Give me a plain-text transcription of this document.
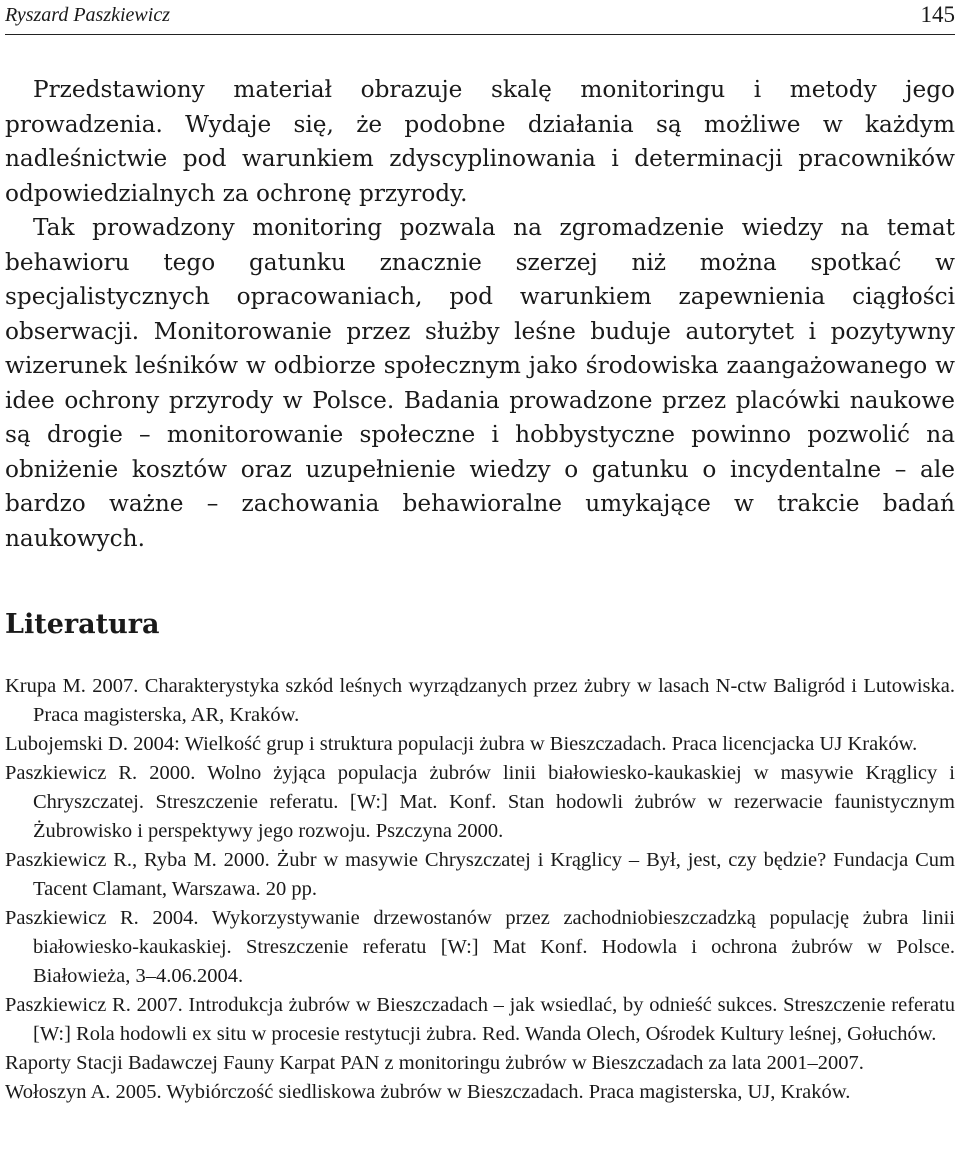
Ryszard Paszkiewicz	145

Przedstawiony materiał obrazuje skalę monitoringu i metody jego prowadzenia. Wydaje się, że podobne działania są możliwe w każdym nadleśnictwie pod warunkiem zdyscyplinowania i determinacji pracowników odpowiedzialnych za ochronę przyrody.

Tak prowadzony monitoring pozwala na zgromadzenie wiedzy na temat behawioru tego gatunku znacznie szerzej niż można spotkać w specjalistycznych opracowaniach, pod warunkiem zapewnienia ciągłości obserwacji. Monitorowanie przez służby leśne buduje autorytet i pozytywny wizerunek leśników w odbiorze społecznym jako środowiska zaangażowanego w idee ochrony przyrody w Polsce. Badania prowadzone przez placówki naukowe są drogie – monitorowanie społeczne i hobbystyczne powinno pozwolić na obniżenie kosztów oraz uzupełnienie wiedzy o gatunku o incydentalne – ale bardzo ważne – zachowania behawioralne umykające w trakcie badań naukowych.

Literatura

Krupa M. 2007. Charakterystyka szkód leśnych wyrządzanych przez żubry w lasach N-ctw Baligród i Lutowiska. Praca magisterska, AR, Kraków.

Lubojemski D. 2004: Wielkość grup i struktura populacji żubra w Bieszczadach. Praca licencjacka UJ Kraków.

Paszkiewicz R. 2000. Wolno żyjąca populacja żubrów linii białowiesko-kaukaskiej w masywie Krąglicy i Chryszczatej. Streszczenie referatu. [W:] Mat. Konf. Stan hodowli żubrów w rezerwacie faunistycznym Żubrowisko i perspektywy jego rozwoju. Pszczyna 2000.

Paszkiewicz R., Ryba M. 2000. Żubr w masywie Chryszczatej i Krąglicy – Był, jest, czy będzie? Fundacja Cum Tacent Clamant, Warszawa. 20 pp.

Paszkiewicz R. 2004. Wykorzystywanie drzewostanów przez zachodniobieszczadzką populację żubra linii białowiesko-kaukaskiej. Streszczenie referatu [W:] Mat Konf. Hodowla i ochrona żubrów w Polsce. Białowieża, 3–4.06.2004.

Paszkiewicz R. 2007. Introdukcja żubrów w Bieszczadach – jak wsiedlać, by odnieść sukces. Streszczenie referatu [W:] Rola hodowli ex situ w procesie restytucji żubra. Red. Wanda Olech, Ośrodek Kultury leśnej, Gołuchów.

Raporty Stacji Badawczej Fauny Karpat PAN z monitoringu żubrów w Bieszczadach za lata 2001–2007.

Wołoszyn A. 2005. Wybiórczość siedliskowa żubrów w Bieszczadach. Praca magisterska, UJ, Kraków.
